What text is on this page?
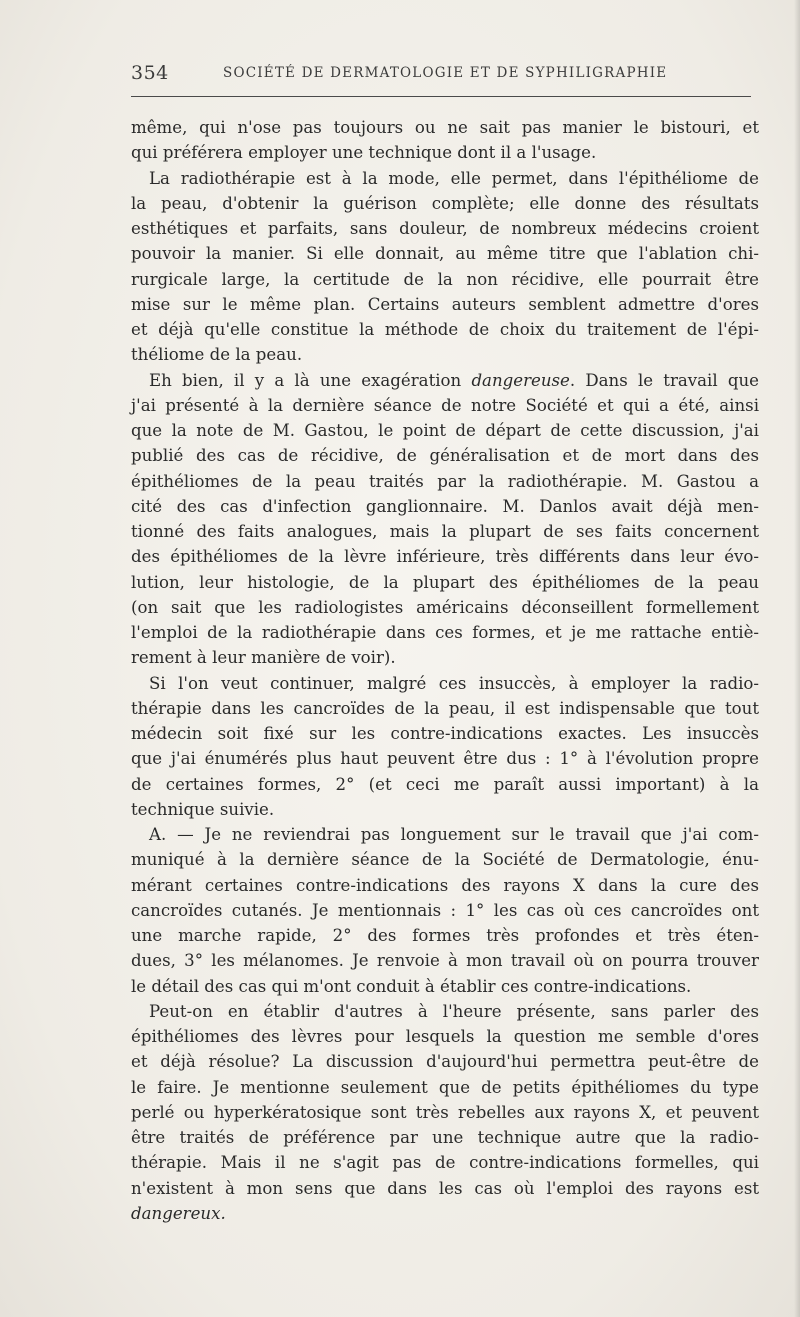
354	SOCIÉTÉ DE DERMATOLOGIE ET DE SYPHILIGRAPHIE
même, qui n'ose pas toujours ou ne sait pas manier le bistouri, et
qui préférera employer une technique dont il a l'usage.
La radiothérapie est à la mode, elle permet, dans l'épithéliome de
la peau, d'obtenir la guérison complète; elle donne des résultats
esthétiques et parfaits, sans douleur, de nombreux médecins croient
pouvoir la manier. Si elle donnait, au même titre que l'ablation chi-
rurgicale large, la certitude de la non récidive, elle pourrait être
mise sur le même plan. Certains auteurs semblent admettre d'ores
et déjà qu'elle constitue la méthode de choix du traitement de l'épi-
théliome de la peau.
Eh bien, il y a là une exagération dangereuse. Dans le travail que
j'ai présenté à la dernière séance de notre Société et qui a été, ainsi
que la note de M. Gastou, le point de départ de cette discussion, j'ai
publié des cas de récidive, de généralisation et de mort dans des
épithéliomes de la peau traités par la radiothérapie. M. Gastou a
cité des cas d'infection ganglionnaire. M. Danlos avait déjà men-
tionné des faits analogues, mais la plupart de ses faits concernent
des épithéliomes de la lèvre inférieure, très différents dans leur évo-
lution, leur histologie, de la plupart des épithéliomes de la peau
(on sait que les radiologistes américains déconseillent formellement
l'emploi de la radiothérapie dans ces formes, et je me rattache entiè-
rement à leur manière de voir).
Si l'on veut continuer, malgré ces insuccès, à employer la radio-
thérapie dans les cancroïdes de la peau, il est indispensable que tout
médecin soit fixé sur les contre-indications exactes. Les insuccès
que j'ai énumérés plus haut peuvent être dus : 1° à l'évolution propre
de certaines formes, 2° (et ceci me paraît aussi important) à la
technique suivie.
A. — Je ne reviendrai pas longuement sur le travail que j'ai com-
muniqué à la dernière séance de la Société de Dermatologie, énu-
mérant certaines contre-indications des rayons X dans la cure des
cancroïdes cutanés. Je mentionnais : 1° les cas où ces cancroïdes ont
une marche rapide, 2° des formes très profondes et très éten-
dues, 3° les mélanomes. Je renvoie à mon travail où on pourra trouver
le détail des cas qui m'ont conduit à établir ces contre-indications.
Peut-on en établir d'autres à l'heure présente, sans parler des
épithéliomes des lèvres pour lesquels la question me semble d'ores
et déjà résolue? La discussion d'aujourd'hui permettra peut-être de
le faire. Je mentionne seulement que de petits épithéliomes du type
perlé ou hyperkératosique sont très rebelles aux rayons X, et peuvent
être traités de préférence par une technique autre que la radio-
thérapie. Mais il ne s'agit pas de contre-indications formelles, qui
n'existent à mon sens que dans les cas où l'emploi des rayons est
dangereux.
